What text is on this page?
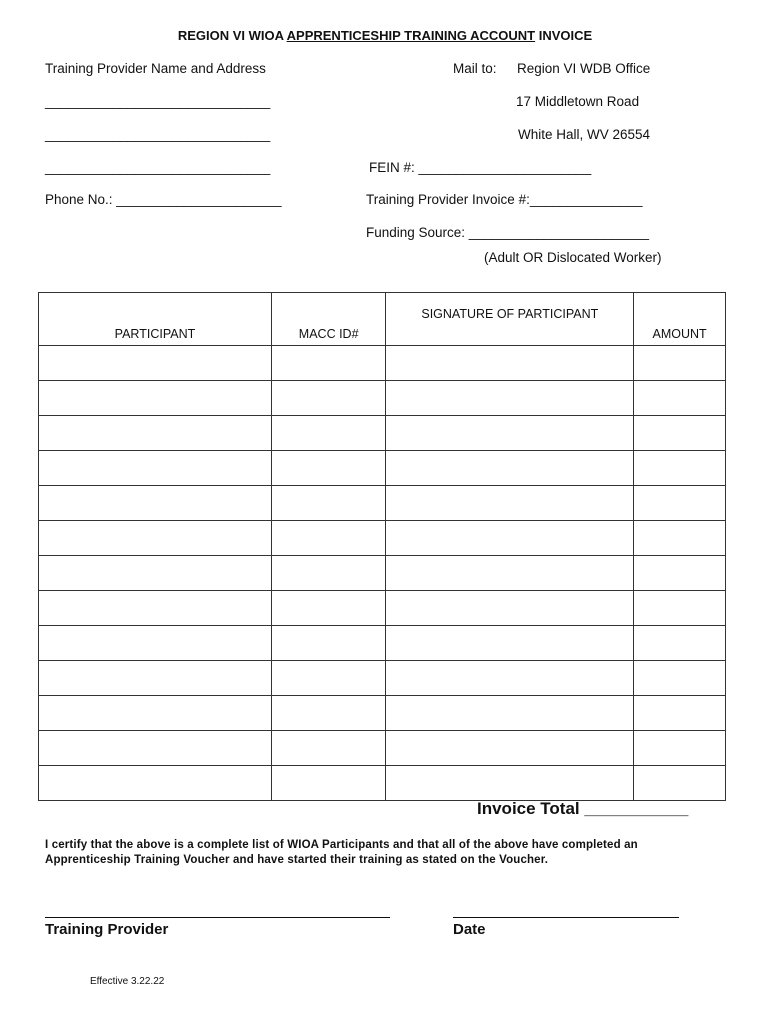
REGION VI WIOA APPRENTICESHIP TRAINING ACCOUNT INVOICE
Training Provider Name and Address
______________________________
______________________________
______________________________
Phone No.: ______________________
Mail to: Region VI WDB Office
17 Middletown Road
White Hall, WV 26554
FEIN #: _______________________
Training Provider Invoice #:_______________
Funding Source: ________________________
(Adult OR Dislocated Worker)
PARTICIPANT	MACC ID#	SIGNATURE OF PARTICIPANT	AMOUNT

Invoice Total ___________
I certify that the above is a complete list of WIOA Participants and that all of the above have completed an Apprenticeship Training Voucher and have started their training as stated on the Voucher.
Training Provider	Date
Effective 3.22.22
